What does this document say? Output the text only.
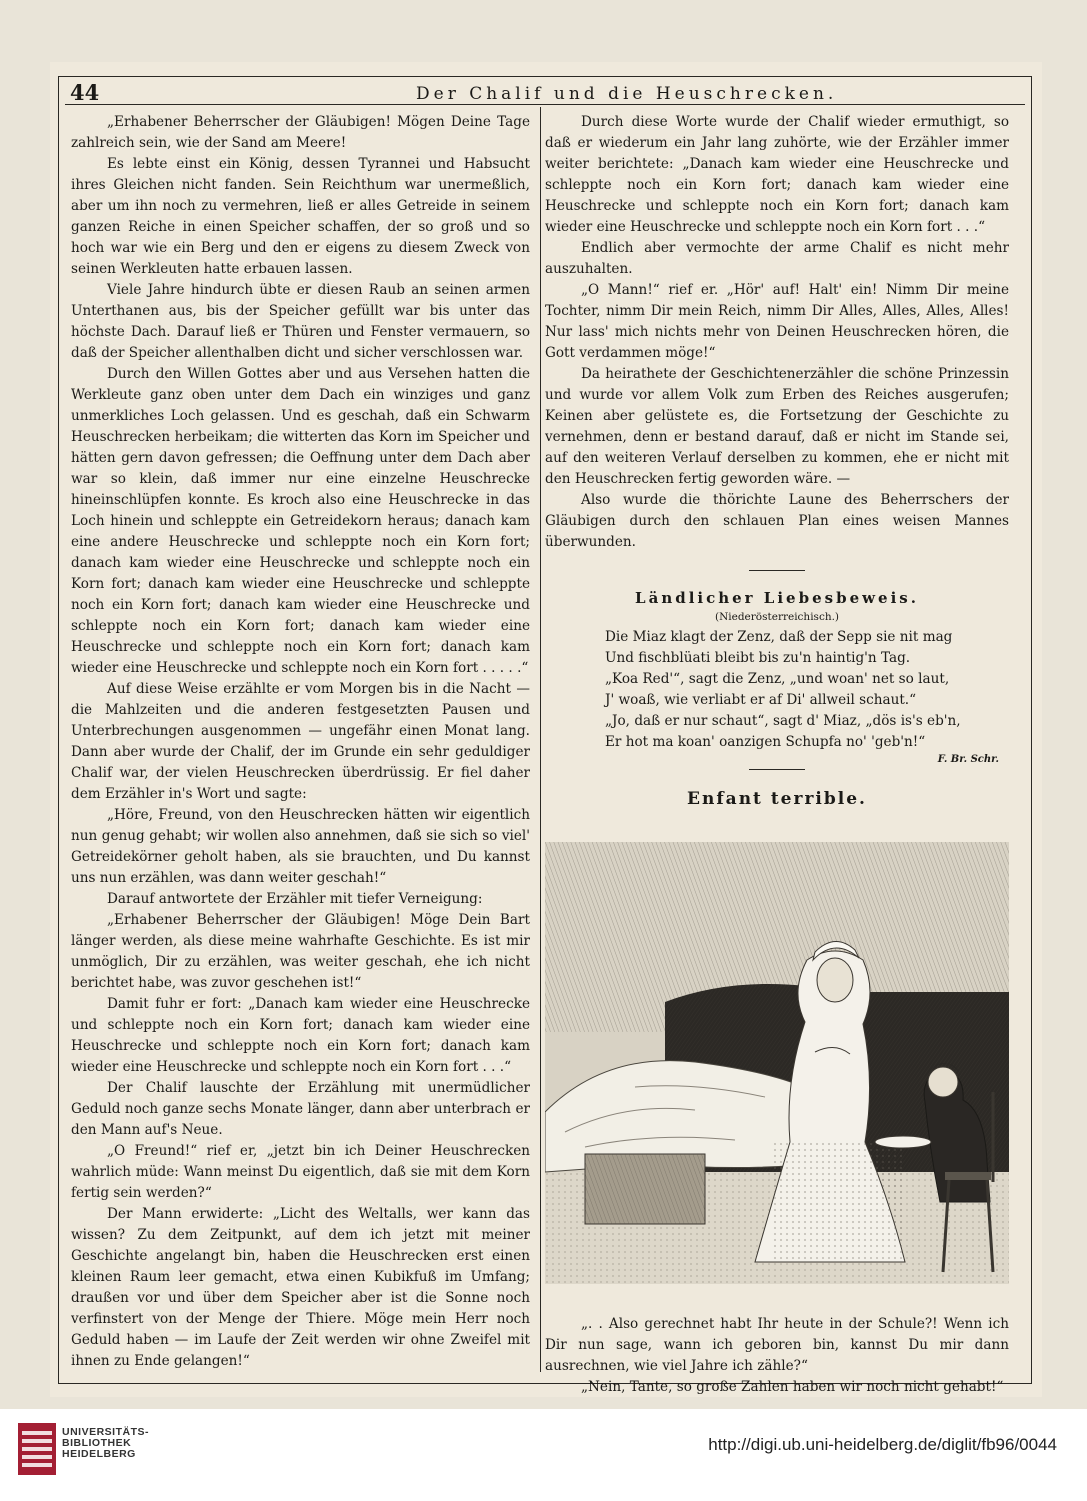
44	Der Chalif und die Heuschrecken.

„Erhabener Beherrscher der Gläubigen! Mögen Deine Tage zahlreich sein, wie der Sand am Meere!

Es lebte einst ein König, dessen Tyrannei und Habsucht ihres Gleichen nicht fanden. Sein Reichthum war unermeßlich, aber um ihn noch zu vermehren, ließ er alles Getreide in seinem ganzen Reiche in einen Speicher schaffen, der so groß und so hoch war wie ein Berg und den er eigens zu diesem Zweck von seinen Werkleuten hatte erbauen lassen.

Viele Jahre hindurch übte er diesen Raub an seinen armen Unterthanen aus, bis der Speicher gefüllt war bis unter das höchste Dach. Darauf ließ er Thüren und Fenster vermauern, so daß der Speicher allenthalben dicht und sicher verschlossen war.

Durch den Willen Gottes aber und aus Versehen hatten die Werkleute ganz oben unter dem Dach ein winziges und ganz unmerkliches Loch gelassen. Und es geschah, daß ein Schwarm Heuschrecken herbeikam; die witterten das Korn im Speicher und hätten gern davon gefressen; die Oeffnung unter dem Dach aber war so klein, daß immer nur eine einzelne Heuschrecke hineinschlüpfen konnte. Es kroch also eine Heuschrecke in das Loch hinein und schleppte ein Getreidekorn heraus; danach kam eine andere Heuschrecke und schleppte noch ein Korn fort; danach kam wieder eine Heuschrecke und schleppte noch ein Korn fort; danach kam wieder eine Heuschrecke und schleppte noch ein Korn fort; danach kam wieder eine Heuschrecke und schleppte noch ein Korn fort; danach kam wieder eine Heuschrecke und schleppte noch ein Korn fort; danach kam wieder eine Heuschrecke und schleppte noch ein Korn fort . . . . .“

Auf diese Weise erzählte er vom Morgen bis in die Nacht — die Mahlzeiten und die anderen festgesetzten Pausen und Unterbrechungen ausgenommen — ungefähr einen Monat lang. Dann aber wurde der Chalif, der im Grunde ein sehr geduldiger Chalif war, der vielen Heuschrecken überdrüssig. Er fiel daher dem Erzähler in's Wort und sagte:

„Höre, Freund, von den Heuschrecken hätten wir eigentlich nun genug gehabt; wir wollen also annehmen, daß sie sich so viel' Getreidekörner geholt haben, als sie brauchten, und Du kannst uns nun erzählen, was dann weiter geschah!“

Darauf antwortete der Erzähler mit tiefer Verneigung:

„Erhabener Beherrscher der Gläubigen! Möge Dein Bart länger werden, als diese meine wahrhafte Geschichte. Es ist mir unmöglich, Dir zu erzählen, was weiter geschah, ehe ich nicht berichtet habe, was zuvor geschehen ist!“

Damit fuhr er fort: „Danach kam wieder eine Heuschrecke und schleppte noch ein Korn fort; danach kam wieder eine Heuschrecke und schleppte noch ein Korn fort; danach kam wieder eine Heuschrecke und schleppte noch ein Korn fort . . .“

Der Chalif lauschte der Erzählung mit unermüdlicher Geduld noch ganze sechs Monate länger, dann aber unterbrach er den Mann auf's Neue.

„O Freund!“ rief er, „jetzt bin ich Deiner Heuschrecken wahrlich müde: Wann meinst Du eigentlich, daß sie mit dem Korn fertig sein werden?“

Der Mann erwiderte: „Licht des Weltalls, wer kann das wissen? Zu dem Zeitpunkt, auf dem ich jetzt mit meiner Geschichte angelangt bin, haben die Heuschrecken erst einen kleinen Raum leer gemacht, etwa einen Kubikfuß im Umfang; draußen vor und über dem Speicher aber ist die Sonne noch verfinstert von der Menge der Thiere. Möge mein Herr noch Geduld haben — im Laufe der Zeit werden wir ohne Zweifel mit ihnen zu Ende gelangen!“

Durch diese Worte wurde der Chalif wieder ermuthigt, so daß er wiederum ein Jahr lang zuhörte, wie der Erzähler immer weiter berichtete: „Danach kam wieder eine Heuschrecke und schleppte noch ein Korn fort; danach kam wieder eine Heuschrecke und schleppte noch ein Korn fort; danach kam wieder eine Heuschrecke und schleppte noch ein Korn fort . . .“

Endlich aber vermochte der arme Chalif es nicht mehr auszuhalten.

„O Mann!“ rief er. „Hör' auf! Halt' ein! Nimm Dir meine Tochter, nimm Dir mein Reich, nimm Dir Alles, Alles, Alles, Alles! Nur lass' mich nichts mehr von Deinen Heuschrecken hören, die Gott verdammen möge!“

Da heirathete der Geschichtenerzähler die schöne Prinzessin und wurde vor allem Volk zum Erben des Reiches ausgerufen; Keinen aber gelüstete es, die Fortsetzung der Geschichte zu vernehmen, denn er bestand darauf, daß er nicht im Stande sei, auf den weiteren Verlauf derselben zu kommen, ehe er nicht mit den Heuschrecken fertig geworden wäre. —

Also wurde die thörichte Laune des Beherrschers der Gläubigen durch den schlauen Plan eines weisen Mannes überwunden.

Ländlicher Liebesbeweis.

(Niederösterreichisch.)

Die Miaz klagt der Zenz, daß der Sepp sie nit mag

Und fischblüati bleibt bis zu'n haintig'n Tag.

„Koa Red'“, sagt die Zenz, „und woan' net so laut,

J' woaß, wie verliabt er af Di' allweil schaut.“

„Jo, daß er nur schaut“, sagt d' Miaz, „dös is's eb'n,

Er hot ma koan' oanzigen Schupfa no' 'geb'n!“

F. Br. Schr.

Enfant terrible.

„. . Also gerechnet habt Ihr heute in der Schule?! Wenn ich Dir nun sage, wann ich geboren bin, kannst Du mir dann ausrechnen, wie viel Jahre ich zähle?“

„Nein, Tante, so große Zahlen haben wir noch nicht gehabt!“

UNIVERSITÄTS-
BIBLIOTHEK
HEIDELBERG	http://digi.ub.uni-heidelberg.de/diglit/fb96/0044
